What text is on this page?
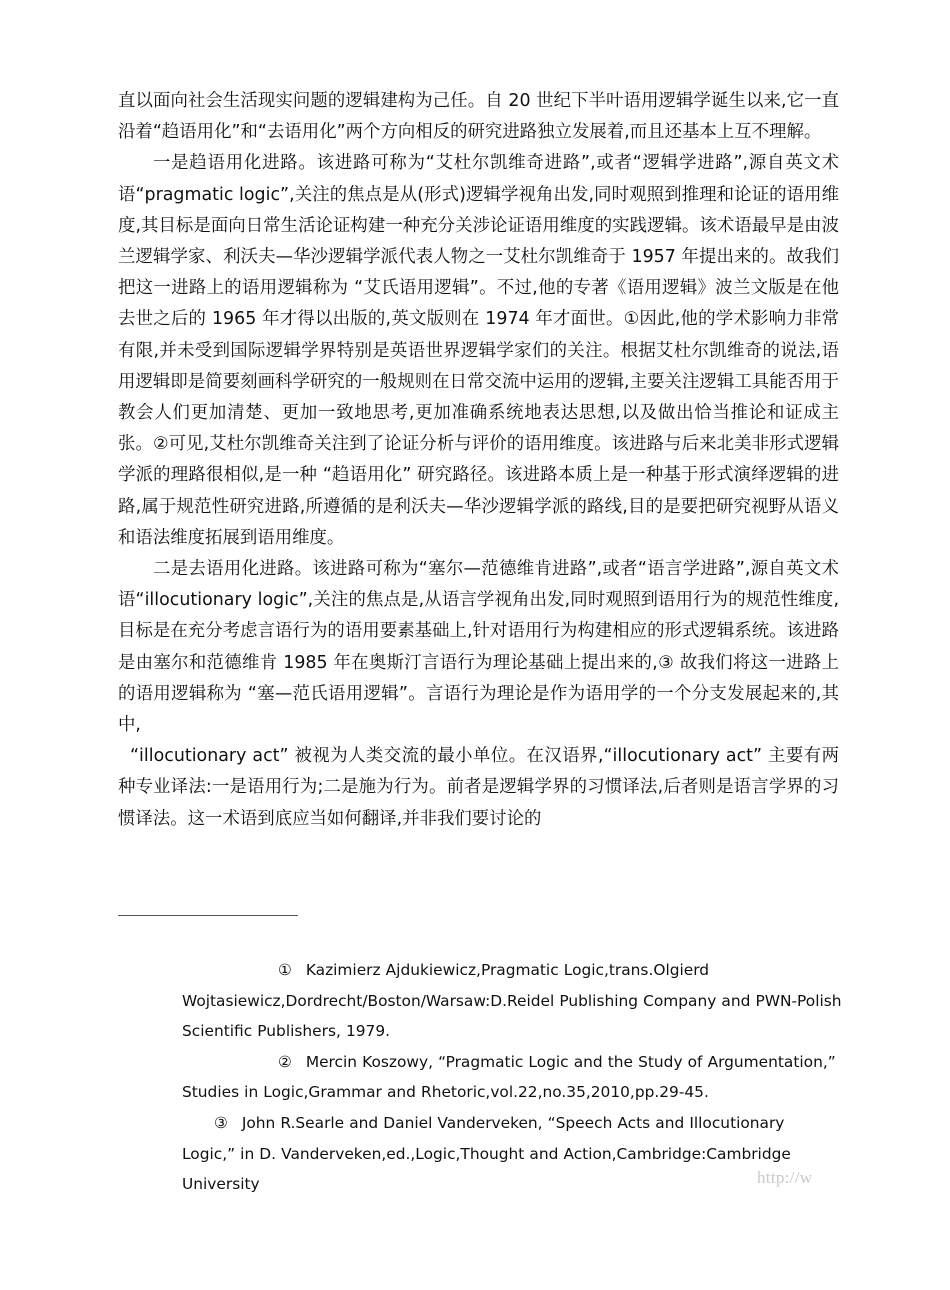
直以面向社会生活现实问题的逻辑建构为己任。自 20 世纪下半叶语用逻辑学诞生以来,它一直沿着“趋语用化”和“去语用化”两个方向相反的研究进路独立发展着,而且还基本上互不理解。

一是趋语用化进路。该进路可称为“艾杜尔凯维奇进路”,或者“逻辑学进路”,源自英文术语“pragmatic logic”,关注的焦点是从(形式)逻辑学视角出发,同时观照到推理和论证的语用维度,其目标是面向日常生活论证构建一种充分关涉论证语用维度的实践逻辑。该术语最早是由波兰逻辑学家、利沃夫—华沙逻辑学派代表人物之一艾杜尔凯维奇于 1957 年提出来的。故我们把这一进路上的语用逻辑称为 “艾氏语用逻辑”。不过,他的专著《语用逻辑》波兰文版是在他去世之后的 1965 年才得以出版的,英文版则在 1974 年才面世。①因此,他的学术影响力非常有限,并未受到国际逻辑学界特别是英语世界逻辑学家们的关注。根据艾杜尔凯维奇的说法,语用逻辑即是简要刻画科学研究的一般规则在日常交流中运用的逻辑,主要关注逻辑工具能否用于教会人们更加清楚、更加一致地思考,更加准确系统地表达思想,以及做出恰当推论和证成主张。②可见,艾杜尔凯维奇关注到了论证分析与评价的语用维度。该进路与后来北美非形式逻辑学派的理路很相似,是一种 “趋语用化” 研究路径。该进路本质上是一种基于形式演绎逻辑的进路,属于规范性研究进路,所遵循的是利沃夫—华沙逻辑学派的路线,目的是要把研究视野从语义和语法维度拓展到语用维度。

二是去语用化进路。该进路可称为“塞尔—范德维肯进路”,或者“语言学进路”,源自英文术语“illocutionary logic”,关注的焦点是,从语言学视角出发,同时观照到语用行为的规范性维度,目标是在充分考虑言语行为的语用要素基础上,针对语用行为构建相应的形式逻辑系统。该进路是由塞尔和范德维肯 1985 年在奥斯汀言语行为理论基础上提出来的,③ 故我们将这一进路上的语用逻辑称为 “塞—范氏语用逻辑”。言语行为理论是作为语用学的一个分支发展起来的,其中,

“illocutionary act” 被视为人类交流的最小单位。在汉语界,“illocutionary act” 主要有两种专业译法:一是语用行为;二是施为行为。前者是逻辑学界的习惯译法,后者则是语言学界的习惯译法。这一术语到底应当如何翻译,并非我们要讨论的

① Kazimierz Ajdukiewicz,Pragmatic Logic,trans.Olgierd Wojtasiewicz,Dordrecht/Boston/Warsaw:D.Reidel Publishing Company and PWN-Polish Scientific Publishers, 1979.

② Mercin Koszowy, “Pragmatic Logic and the Study of Argumentation,” Studies in Logic,Grammar and Rhetoric,vol.22,no.35,2010,pp.29-45.

③ John R.Searle and Daniel Vanderveken, “Speech Acts and Illocutionary Logic,” in D. Vanderveken,ed.,Logic,Thought and Action,Cambridge:Cambridge University	http://w
